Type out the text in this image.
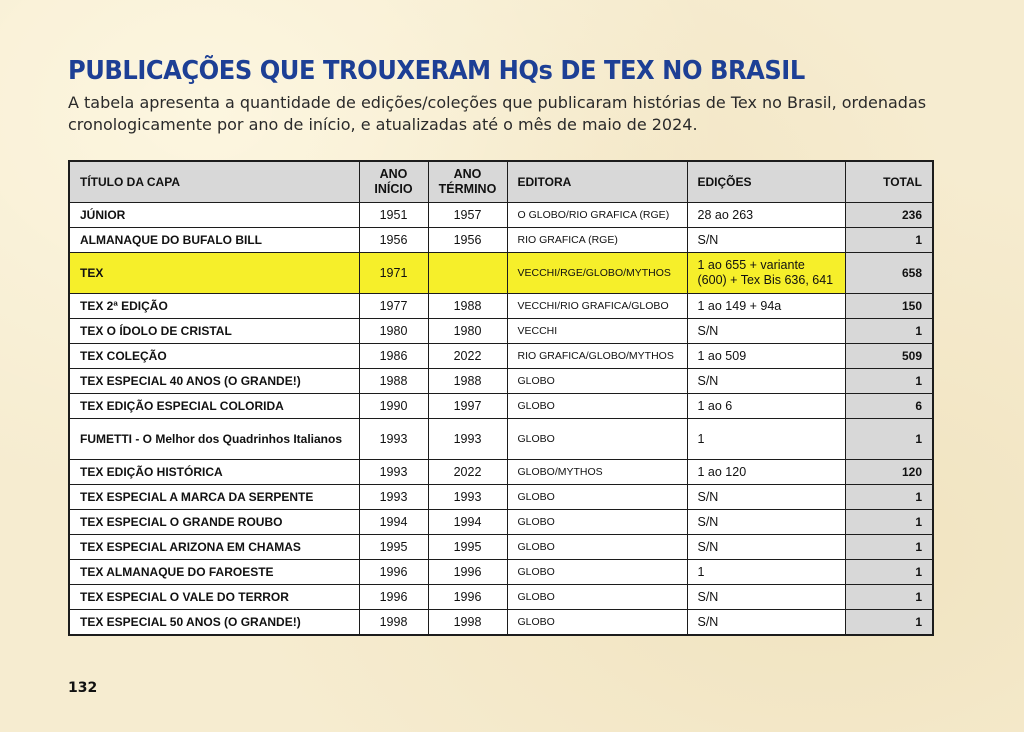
PUBLICAÇÕES QUE TROUXERAM HQs DE TEX NO BRASIL

A tabela apresenta a quantidade de edições/coleções que publicaram histórias de Tex no Brasil, ordenadas cronologicamente por ano de início, e atualizadas até o mês de maio de 2024.

TÍTULO DA CAPA	ANO INÍCIO	ANO TÉRMINO	EDITORA	EDIÇÕES	TOTAL
JÚNIOR	1951	1957	O GLOBO/RIO GRAFICA (RGE)	28 ao 263	236
ALMANAQUE DO BUFALO BILL	1956	1956	RIO GRAFICA (RGE)	S/N	1
TEX	1971		VECCHI/RGE/GLOBO/MYTHOS	1 ao 655 + variante (600) + Tex Bis 636, 641	658
TEX 2ª EDIÇÃO	1977	1988	VECCHI/RIO GRAFICA/GLOBO	1 ao 149 + 94a	150
TEX O ÍDOLO DE CRISTAL	1980	1980	VECCHI	S/N	1
TEX COLEÇÃO	1986	2022	RIO GRAFICA/GLOBO/MYTHOS	1 ao 509	509
TEX ESPECIAL 40 ANOS (O GRANDE!)	1988	1988	GLOBO	S/N	1
TEX EDIÇÃO ESPECIAL COLORIDA	1990	1997	GLOBO	1 ao 6	6
FUMETTI - O Melhor dos Quadrinhos Italianos	1993	1993	GLOBO	1	1
TEX EDIÇÃO HISTÓRICA	1993	2022	GLOBO/MYTHOS	1 ao 120	120
TEX ESPECIAL A MARCA DA SERPENTE	1993	1993	GLOBO	S/N	1
TEX ESPECIAL O GRANDE ROUBO	1994	1994	GLOBO	S/N	1
TEX ESPECIAL ARIZONA EM CHAMAS	1995	1995	GLOBO	S/N	1
TEX ALMANAQUE DO FAROESTE	1996	1996	GLOBO	1	1
TEX ESPECIAL O VALE DO TERROR	1996	1996	GLOBO	S/N	1
TEX ESPECIAL 50 ANOS (O GRANDE!)	1998	1998	GLOBO	S/N	1

132
